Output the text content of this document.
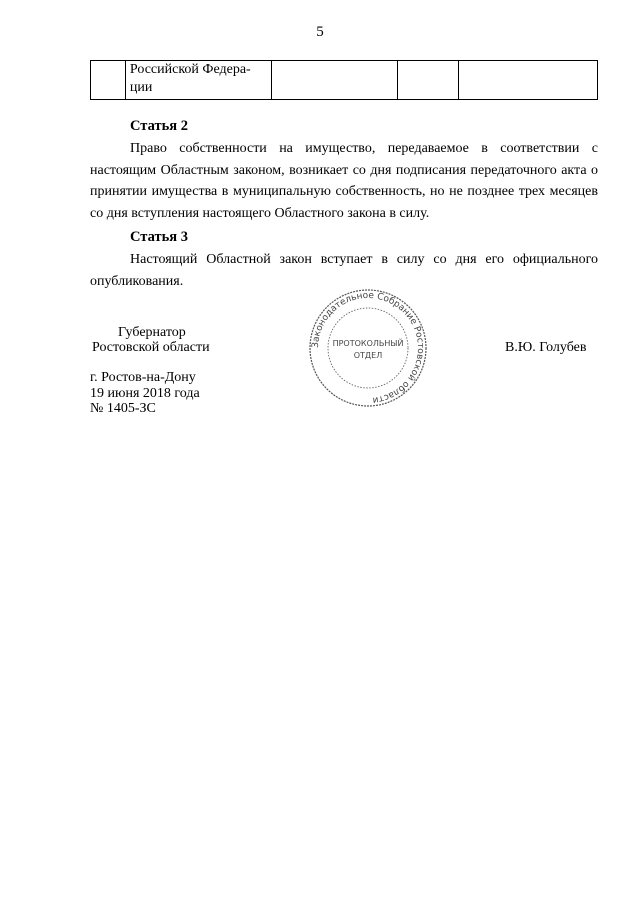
5
	Российской Федера-
ции			
Статья 2
Право собственности на имущество, передаваемое в соответствии с настоящим Областным законом, возникает со дня подписания передаточного акта о принятии имущества в муниципальную собственность, но не позднее трех месяцев со дня вступления настоящего Областного закона в силу.
Статья 3
Настоящий Областной закон вступает в силу со дня его официального опубликования.
Губернатор
Ростовской области	В.Ю. Голубев
г. Ростов-на-Дону
19 июня 2018 года
№ 1405-ЗС
Законодательное Собрание Ростовской области
ПРОТОКОЛЬНЫЙ
ОТДЕЛ
